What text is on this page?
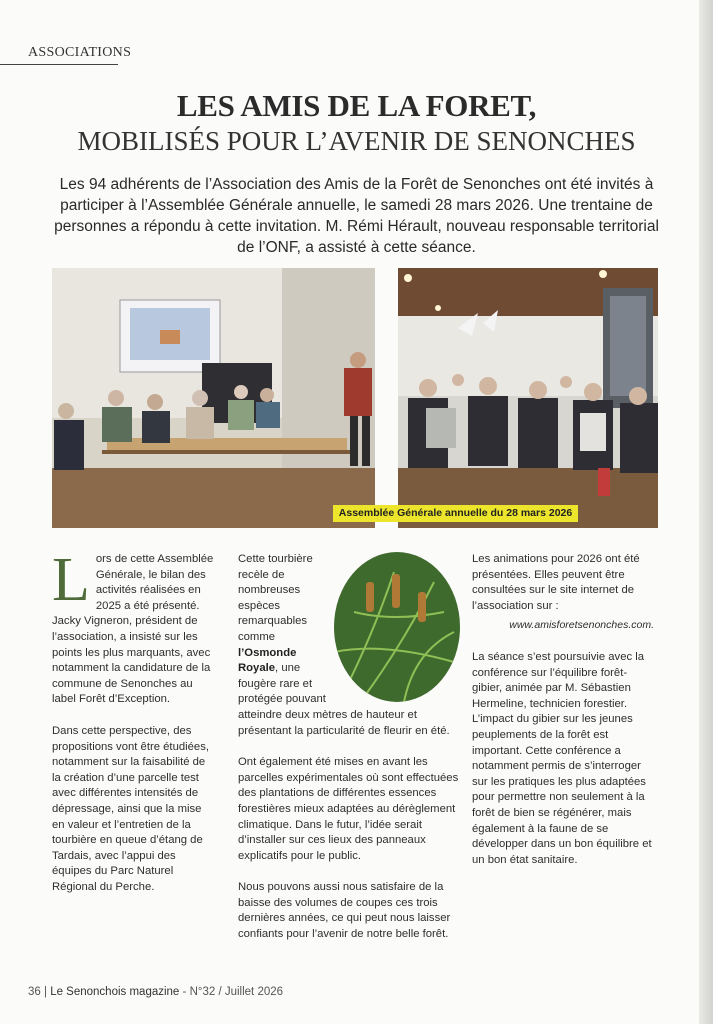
ASSOCIATIONS
LES AMIS DE LA FORET,
MOBILISÉS POUR L’AVENIR DE SENONCHES
Les 94 adhérents de l’Association des Amis de la Forêt de Senonches ont été invités à participer à l’Assemblée Générale annuelle, le samedi 28 mars 2026. Une trentaine de personnes a répondu à cette invitation. M. Rémi Hérault, nouveau responsable territorial de l’ONF, a assisté à cette séance.
Assemblée Générale annuelle du 28 mars 2026

Lors de cette Assemblée Générale, le bilan des activités réalisées en 2025 a été présenté. Jacky Vigneron, président de l’association, a insisté sur les points les plus marquants, avec notamment la candidature de la commune de Senonches au label Forêt d’Exception.

Dans cette perspective, des propositions vont être étudiées, notamment sur la faisabilité de la création d’une parcelle test avec différentes intensités de dépressage, ainsi que la mise en valeur et l’entretien de la tourbière en queue d’étang de Tardais, avec l’appui des équipes du Parc Naturel Régional du Perche.

Cette tourbière recèle de nombreuses espèces remarquables comme l’Osmonde Royale, une fougère rare et protégée pouvant atteindre deux mètres de hauteur et présentant la particularité de fleurir en été.

Ont également été mises en avant les parcelles expérimentales où sont effectuées des plantations de différentes essences forestières mieux adaptées au dérèglement climatique. Dans le futur, l’idée serait d’installer sur ces lieux des panneaux explicatifs pour le public.

Nous pouvons aussi nous satisfaire de la baisse des volumes de coupes ces trois dernières années, ce qui peut nous laisser confiants pour l’avenir de notre belle forêt.

Les animations pour 2026 ont été présentées. Elles peuvent être consultées sur le site internet de l’association sur :

www.amisforetsenonches.com.

La séance s’est poursuivie avec la conférence sur l’équilibre forêt-gibier, animée par M. Sébastien Hermeline, technicien forestier. L’impact du gibier sur les jeunes peuplements de la forêt est important. Cette conférence a notamment permis de s’interroger sur les pratiques les plus adaptées pour permettre non seulement à la forêt de bien se régénérer, mais également à la faune de se développer dans un bon équilibre et un bon état sanitaire.

36 | Le Senonchois magazine - N°32 / Juillet 2026
